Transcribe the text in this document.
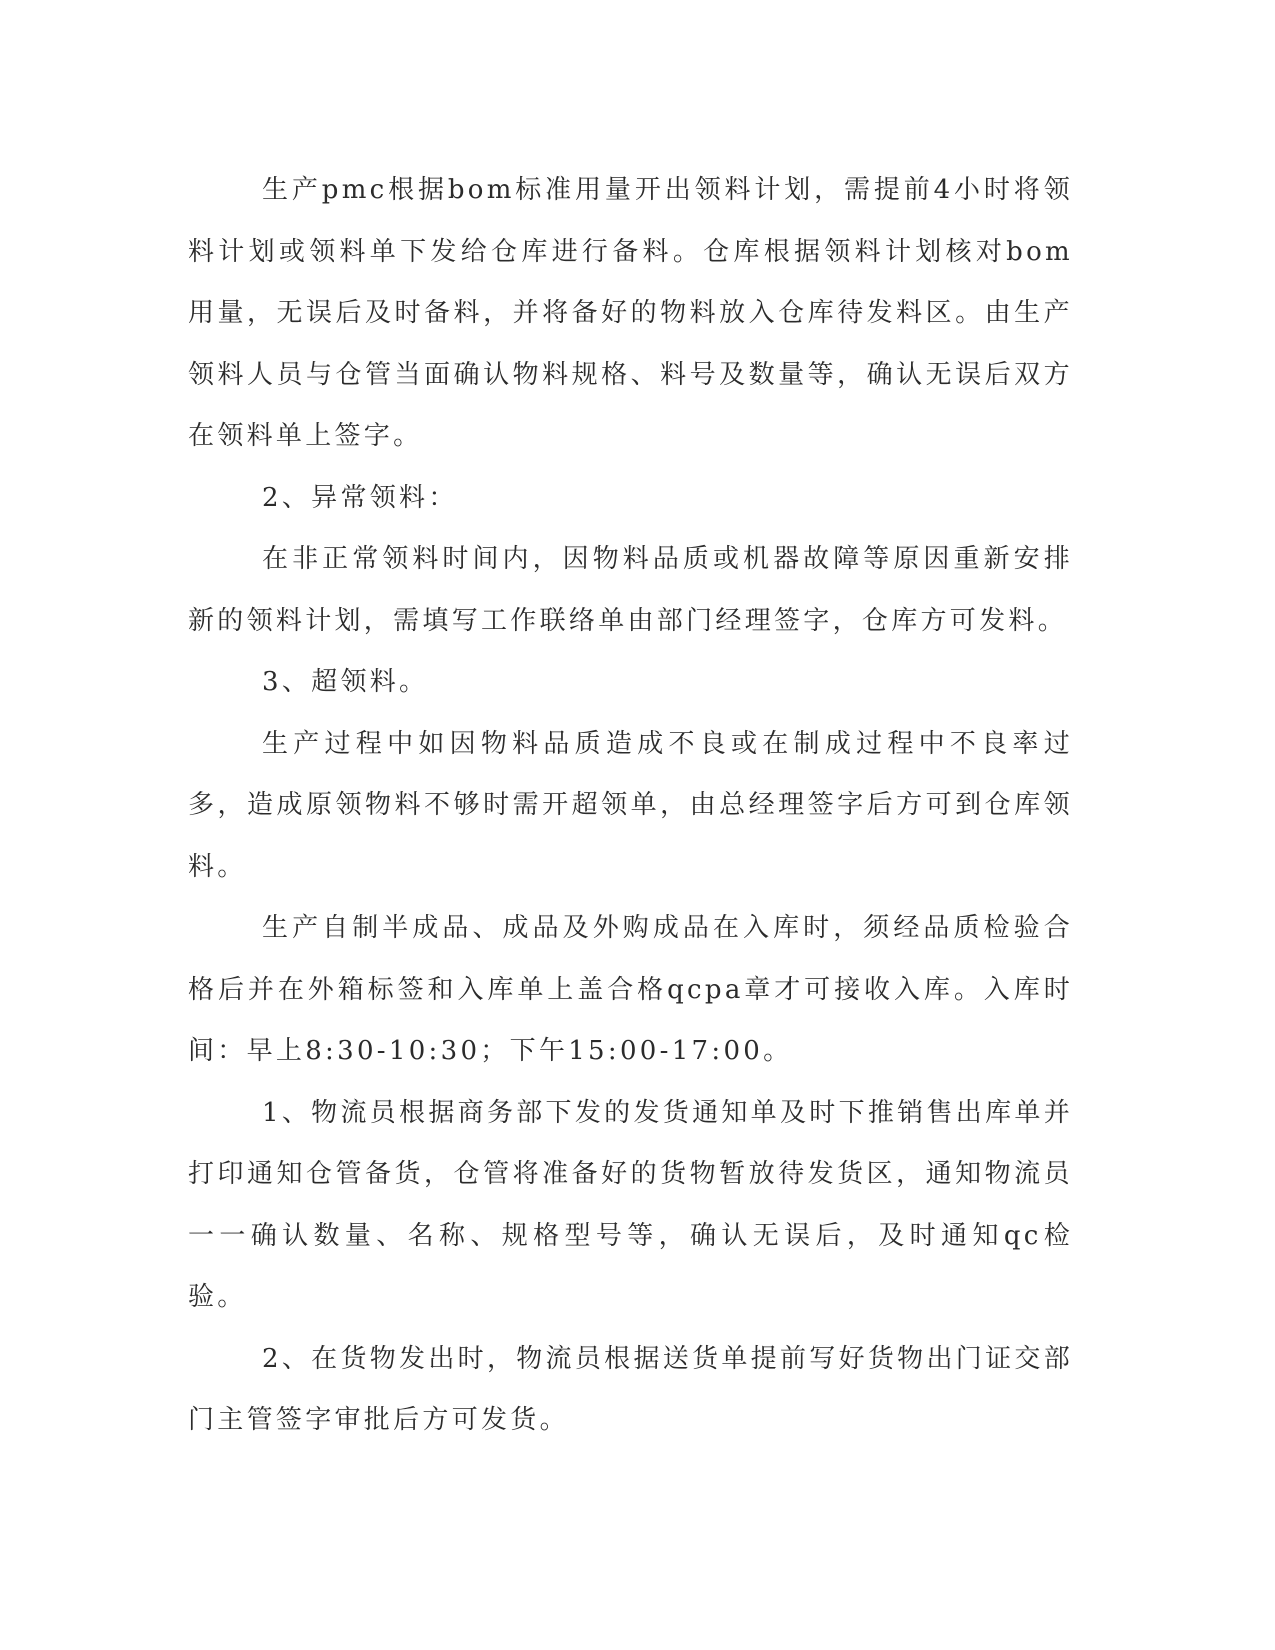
生产pmc根据bom标准用量开出领料计划，需提前4小时将领料计划或领料单下发给仓库进行备料。仓库根据领料计划核对bom用量，无误后及时备料，并将备好的物料放入仓库待发料区。由生产领料人员与仓管当面确认物料规格、料号及数量等，确认无误后双方在领料单上签字。

2、异常领料：

在非正常领料时间内，因物料品质或机器故障等原因重新安排新的领料计划，需填写工作联络单由部门经理签字，仓库方可发料。

3、超领料。

生产过程中如因物料品质造成不良或在制成过程中不良率过多，造成原领物料不够时需开超领单，由总经理签字后方可到仓库领料。

生产自制半成品、成品及外购成品在入库时，须经品质检验合格后并在外箱标签和入库单上盖合格qcpa章才可接收入库。入库时间：早上8:30-10:30；下午15:00-17:00。

1、物流员根据商务部下发的发货通知单及时下推销售出库单并打印通知仓管备货，仓管将准备好的货物暂放待发货区，通知物流员一一确认数量、名称、规格型号等，确认无误后，及时通知qc检验。

2、在货物发出时，物流员根据送货单提前写好货物出门证交部门主管签字审批后方可发货。
